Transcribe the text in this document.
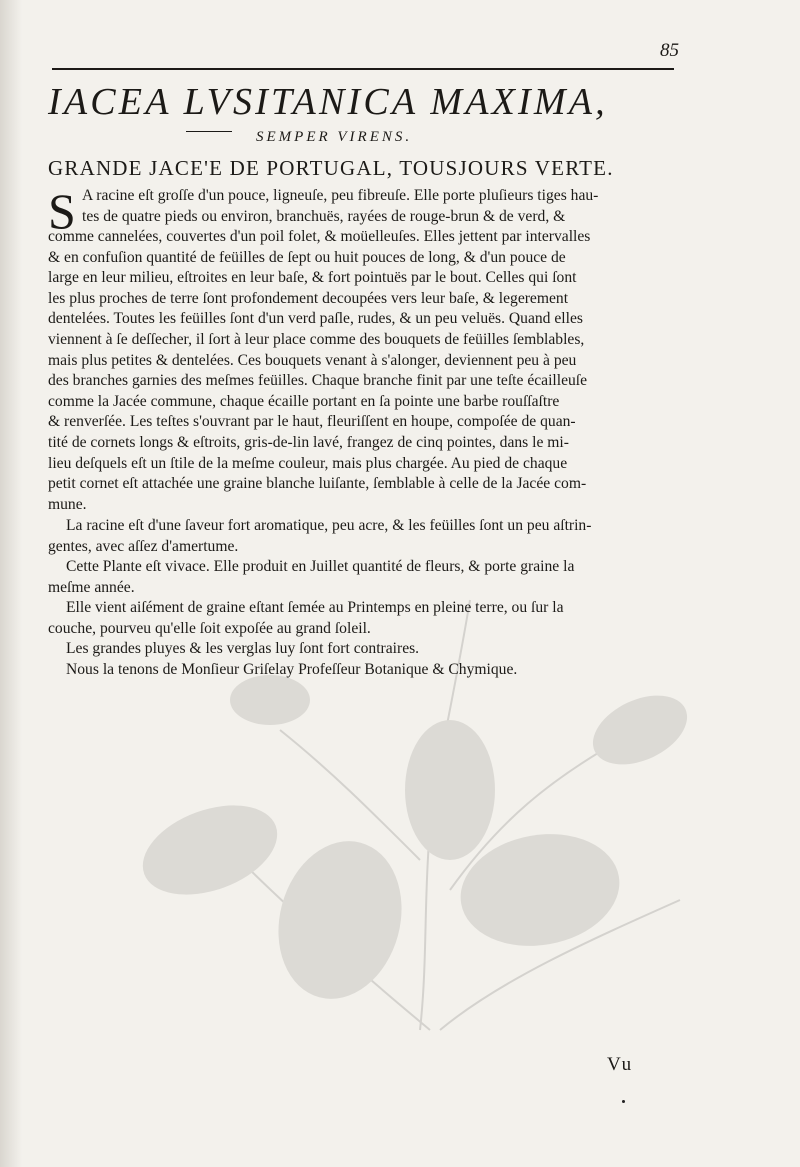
85
IACEA LVSITANICA MAXIMA,
SEMPER VIRENS.
GRANDE JACE'E DE PORTUGAL, TOUSJOURS VERTE.
S A racine eſt groſſe d'un pouce, ligneuſe, peu fibreuſe. Elle porte pluſieurs tiges hau-
tes de quatre pieds ou environ, branchuës, rayées de rouge-brun & de verd, &
comme cannelées, couvertes d'un poil folet, & moüelleuſes. Elles jettent par intervalles
& en confuſion quantité de feüilles de ſept ou huit pouces de long, & d'un pouce de
large en leur milieu, eſtroites en leur baſe, & fort pointuës par le bout. Celles qui ſont
les plus proches de terre ſont profondement decoupées vers leur baſe, & legerement
dentelées. Toutes les feüilles ſont d'un verd paſle, rudes, & un peu veluës. Quand elles
viennent à ſe deſſecher, il ſort à leur place comme des bouquets de feüilles ſemblables,
mais plus petites & dentelées. Ces bouquets venant à s'alonger, deviennent peu à peu
des branches garnies des meſmes feüilles. Chaque branche finit par une teſte écailleuſe
comme la Jacée commune, chaque écaille portant en ſa pointe une barbe rouſſaſtre
& renverſée. Les teſtes s'ouvrant par le haut, fleuriſſent en houpe, compoſée de quan-
tité de cornets longs & eſtroits, gris-de-lin lavé, frangez de cinq pointes, dans le mi-
lieu deſquels eſt un ſtile de la meſme couleur, mais plus chargée. Au pied de chaque
petit cornet eſt attachée une graine blanche luiſante, ſemblable à celle de la Jacée com-
mune.
La racine eſt d'une ſaveur fort aromatique, peu acre, & les feüilles ſont un peu aſtrin-
gentes, avec aſſez d'amertume.
Cette Plante eſt vivace. Elle produit en Juillet quantité de fleurs, & porte graine la
meſme année.
Elle vient aiſément de graine eſtant ſemée au Printemps en pleine terre, ou ſur la
couche, pourveu qu'elle ſoit expoſée au grand ſoleil.
Les grandes pluyes & les verglas luy ſont fort contraires.
Nous la tenons de Monſieur Griſelay Profeſſeur Botanique & Chymique.
Vu
